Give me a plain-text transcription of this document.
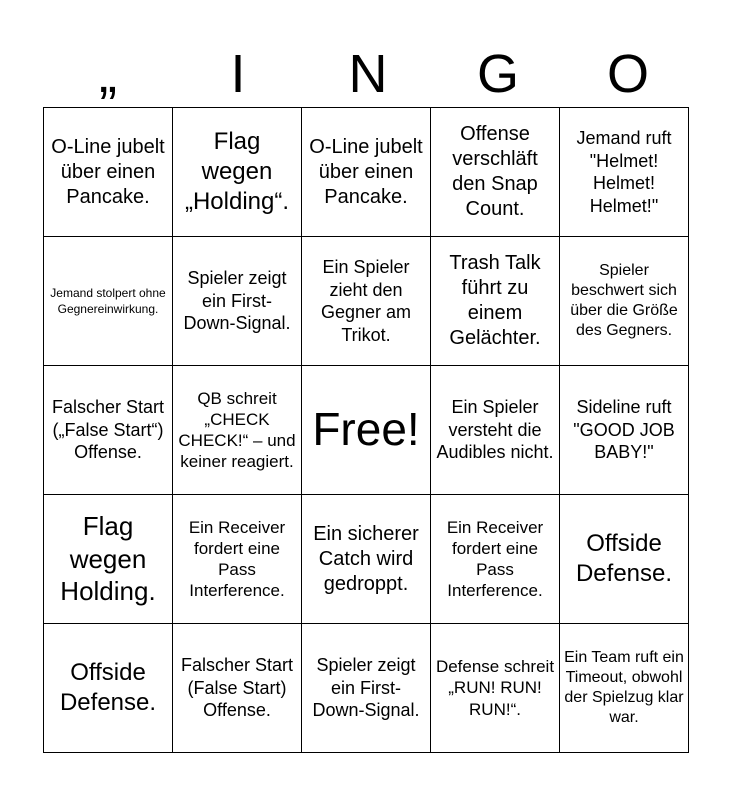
„	I	N	G	O
O-Line jubelt über einen Pancake.	Flag wegen „Holding“.	O-Line jubelt über einen Pancake.	Offense verschläft den Snap Count.	Jemand ruft "Helmet! Helmet! Helmet!"
Jemand stolpert ohne Gegnereinwirkung.	Spieler zeigt ein First-Down-Signal.	Ein Spieler zieht den Gegner am Trikot.	Trash Talk führt zu einem Gelächter.	Spieler beschwert sich über die Größe des Gegners.
Falscher Start („False Start“) Offense.	QB schreit „CHECK CHECK!“ – und keiner reagiert.	Free!	Ein Spieler versteht die Audibles nicht.	Sideline ruft "GOOD JOB BABY!"
Flag wegen Holding.	Ein Receiver fordert eine Pass Interference.	Ein sicherer Catch wird gedroppt.	Ein Receiver fordert eine Pass Interference.	Offside Defense.
Offside Defense.	Falscher Start (False Start) Offense.	Spieler zeigt ein First-Down-Signal.	Defense schreit „RUN! RUN! RUN!“.	Ein Team ruft ein Timeout, obwohl der Spielzug klar war.
